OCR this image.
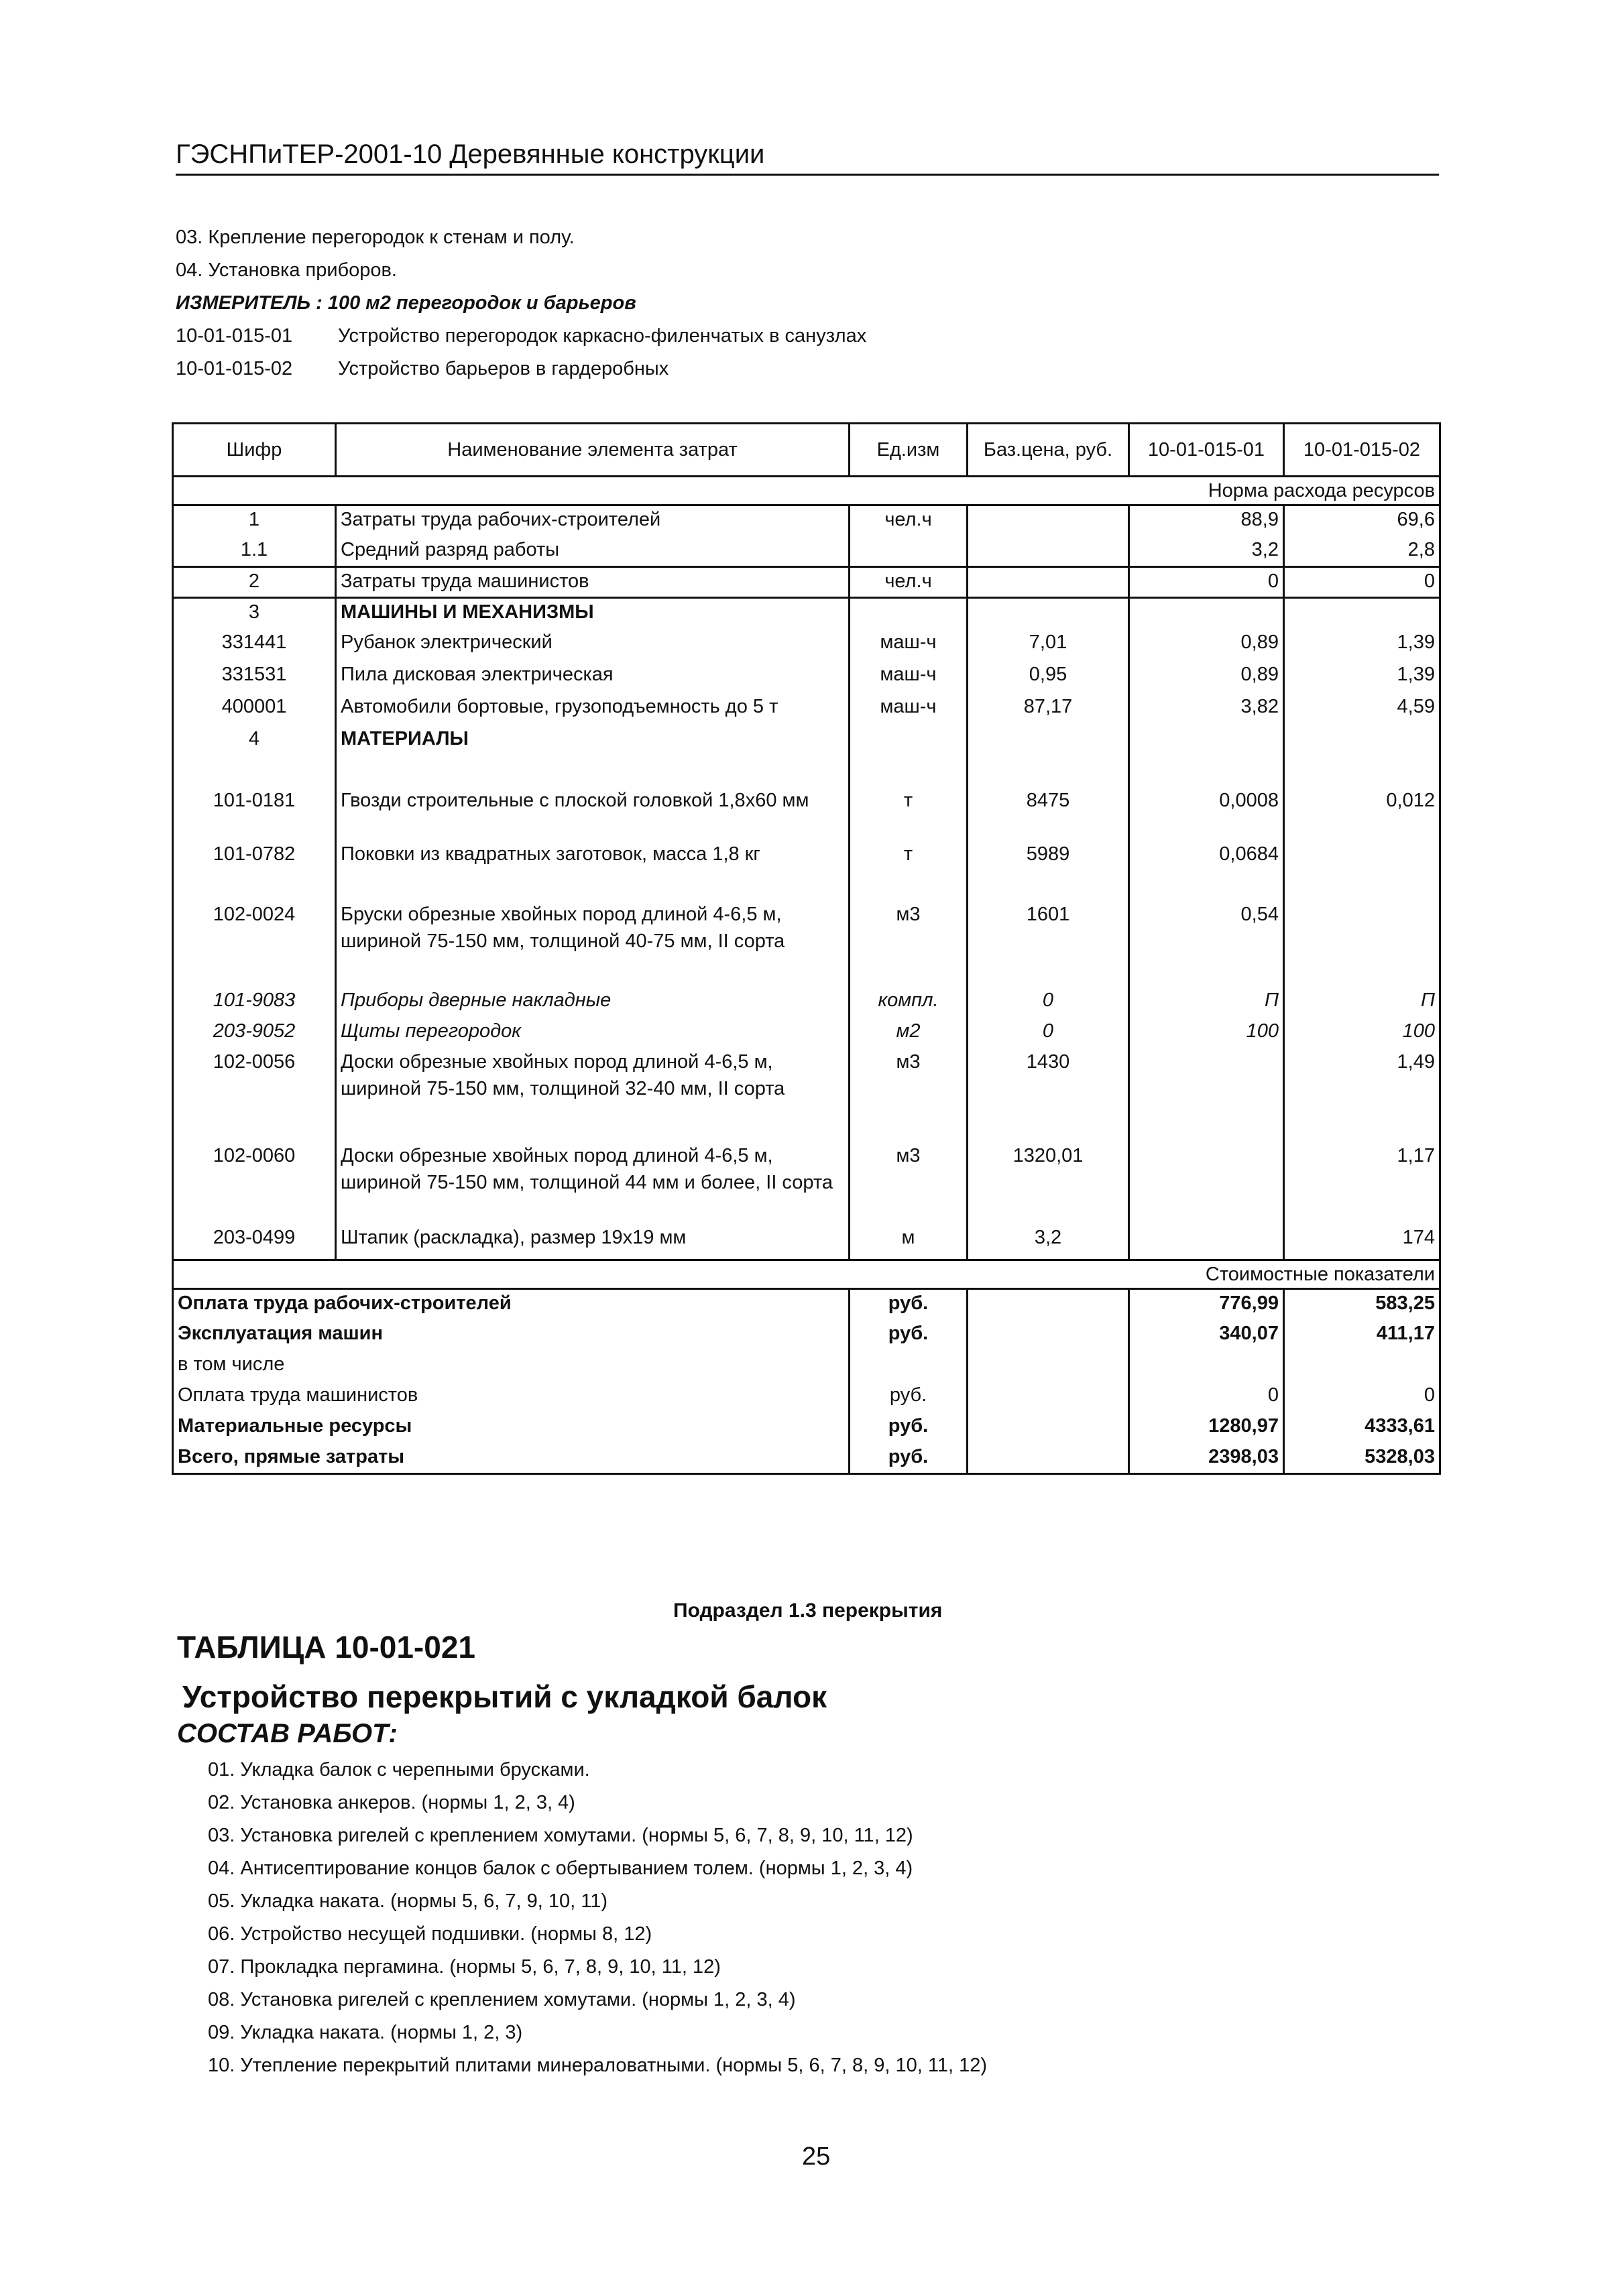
ГЭСНПиТЕР-2001-10 Деревянные конструкции
03. Крепление перегородок к стенам и полу.
04. Установка приборов.
ИЗМЕРИТЕЛЬ : 100 м2 перегородок и барьеров
10-01-015-01 Устройство перегородок каркасно-филенчатых в санузлах
10-01-015-02 Устройство барьеров в гардеробных
Шифр	Наименование элемента затрат	Ед.изм	Баз.цена, руб.	10-01-015-01	10-01-015-02
Норма расхода ресурсов					
1	Затраты труда рабочих-строителей	чел.ч		88,9	69,6
1.1	Средний разряд работы			3,2	2,8
2	Затраты труда машинистов	чел.ч		0	0
3	МАШИНЫ И МЕХАНИЗМЫ				
331441	Рубанок электрический	маш-ч	7,01	0,89	1,39
331531	Пила дисковая электрическая	маш-ч	0,95	0,89	1,39
400001	Автомобили бортовые, грузоподъемность до 5 т	маш-ч	87,17	3,82	4,59
4	МАТЕРИАЛЫ				
101-0181	Гвозди строительные с плоской головкой 1,8х60 мм	т	8475	0,0008	0,012
101-0782	Поковки из квадратных заготовок, масса 1,8 кг	т	5989	0,0684	
102-0024	Бруски обрезные хвойных пород длиной 4-6,5 м, шириной 75-150 мм, толщиной 40-75 мм, II сорта	м3	1601	0,54	
101-9083	Приборы дверные накладные	компл.	0	П	П
203-9052	Щиты перегородок	м2	0	100	100
102-0056	Доски обрезные хвойных пород длиной 4-6,5 м, шириной 75-150 мм, толщиной 32-40 мм, II сорта	м3	1430		1,49
102-0060	Доски обрезные хвойных пород длиной 4-6,5 м, шириной 75-150 мм, толщиной 44 мм и более, II сорта	м3	1320,01		1,17
203-0499	Штапик (раскладка), размер 19х19 мм	м	3,2		174
Стоимостные показатели					
Оплата труда рабочих-строителей		руб.		776,99	583,25
Эксплуатация машин		руб.		340,07	411,17
в том числе					
Оплата труда машинистов		руб.		0	0
Материальные ресурсы		руб.		1280,97	4333,61
Всего, прямые затраты		руб.		2398,03	5328,03
Подраздел 1.3 перекрытия
ТАБЛИЦА 10-01-021
Устройство перекрытий с укладкой балок
СОСТАВ РАБОТ:
01. Укладка балок с черепными брусками.
02. Установка анкеров. (нормы 1, 2, 3, 4)
03. Установка ригелей с креплением хомутами. (нормы 5, 6, 7, 8, 9, 10, 11, 12)
04. Антисептирование концов балок с обертыванием толем. (нормы 1, 2, 3, 4)
05. Укладка наката. (нормы 5, 6, 7, 9, 10, 11)
06. Устройство несущей подшивки. (нормы 8, 12)
07. Прокладка пергамина. (нормы 5, 6, 7, 8, 9, 10, 11, 12)
08. Установка ригелей с креплением хомутами. (нормы 1, 2, 3, 4)
09. Укладка наката. (нормы 1, 2, 3)
10. Утепление перекрытий плитами минераловатными. (нормы 5, 6, 7, 8, 9, 10, 11, 12)
25
